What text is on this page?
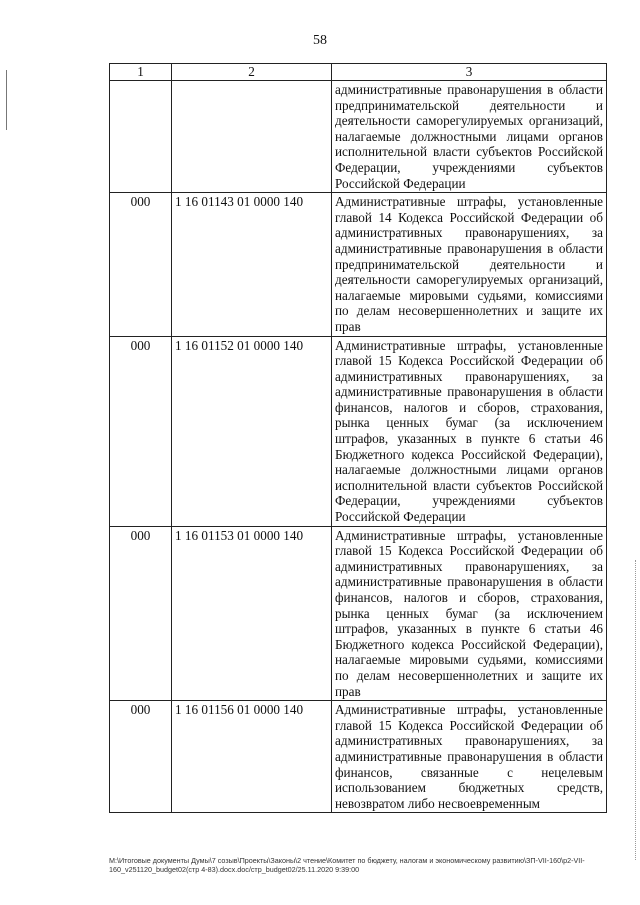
58
1	2	3
		административные правонарушения в области предпринимательской деятельности и деятельности саморегулируемых организаций, налагаемые должностными лицами органов исполнительной власти субъектов Российской Федерации, учреждениями субъектов Российской Федерации
000	1 16 01143 01 0000 140	Административные штрафы, установленные главой 14 Кодекса Российской Федерации об административных правонарушениях, за административные правонарушения в области предпринимательской деятельности и деятельности саморегулируемых организаций, налагаемые мировыми судьями, комиссиями по делам несовершеннолетних и защите их прав
000	1 16 01152 01 0000 140	Административные штрафы, установленные главой 15 Кодекса Российской Федерации об административных правонарушениях, за административные правонарушения в области финансов, налогов и сборов, страхования, рынка ценных бумаг (за исключением штрафов, указанных в пункте 6 статьи 46 Бюджетного кодекса Российской Федерации), налагаемые должностными лицами органов исполнительной власти субъектов Российской Федерации, учреждениями субъектов Российской Федерации
000	1 16 01153 01 0000 140	Административные штрафы, установленные главой 15 Кодекса Российской Федерации об административных правонарушениях, за административные правонарушения в области финансов, налогов и сборов, страхования, рынка ценных бумаг (за исключением штрафов, указанных в пункте 6 статьи 46 Бюджетного кодекса Российской Федерации), налагаемые мировыми судьями, комиссиями по делам несовершеннолетних и защите их прав
000	1 16 01156 01 0000 140	Административные штрафы, установленные главой 15 Кодекса Российской Федерации об административных правонарушениях, за административные правонарушения в области финансов, связанные с нецелевым использованием бюджетных средств, невозвратом либо несвоевременным
M:\Итоговые документы Думы\7 созыв\Проекты\Законы\2 чтение\Комитет по бюджету, налогам и экономическому развитию\ЗП-VII-160\р2-VII-
160_v251120_budget02(стр 4-83).docx.doc/стр_budget02/25.11.2020 9:39:00
